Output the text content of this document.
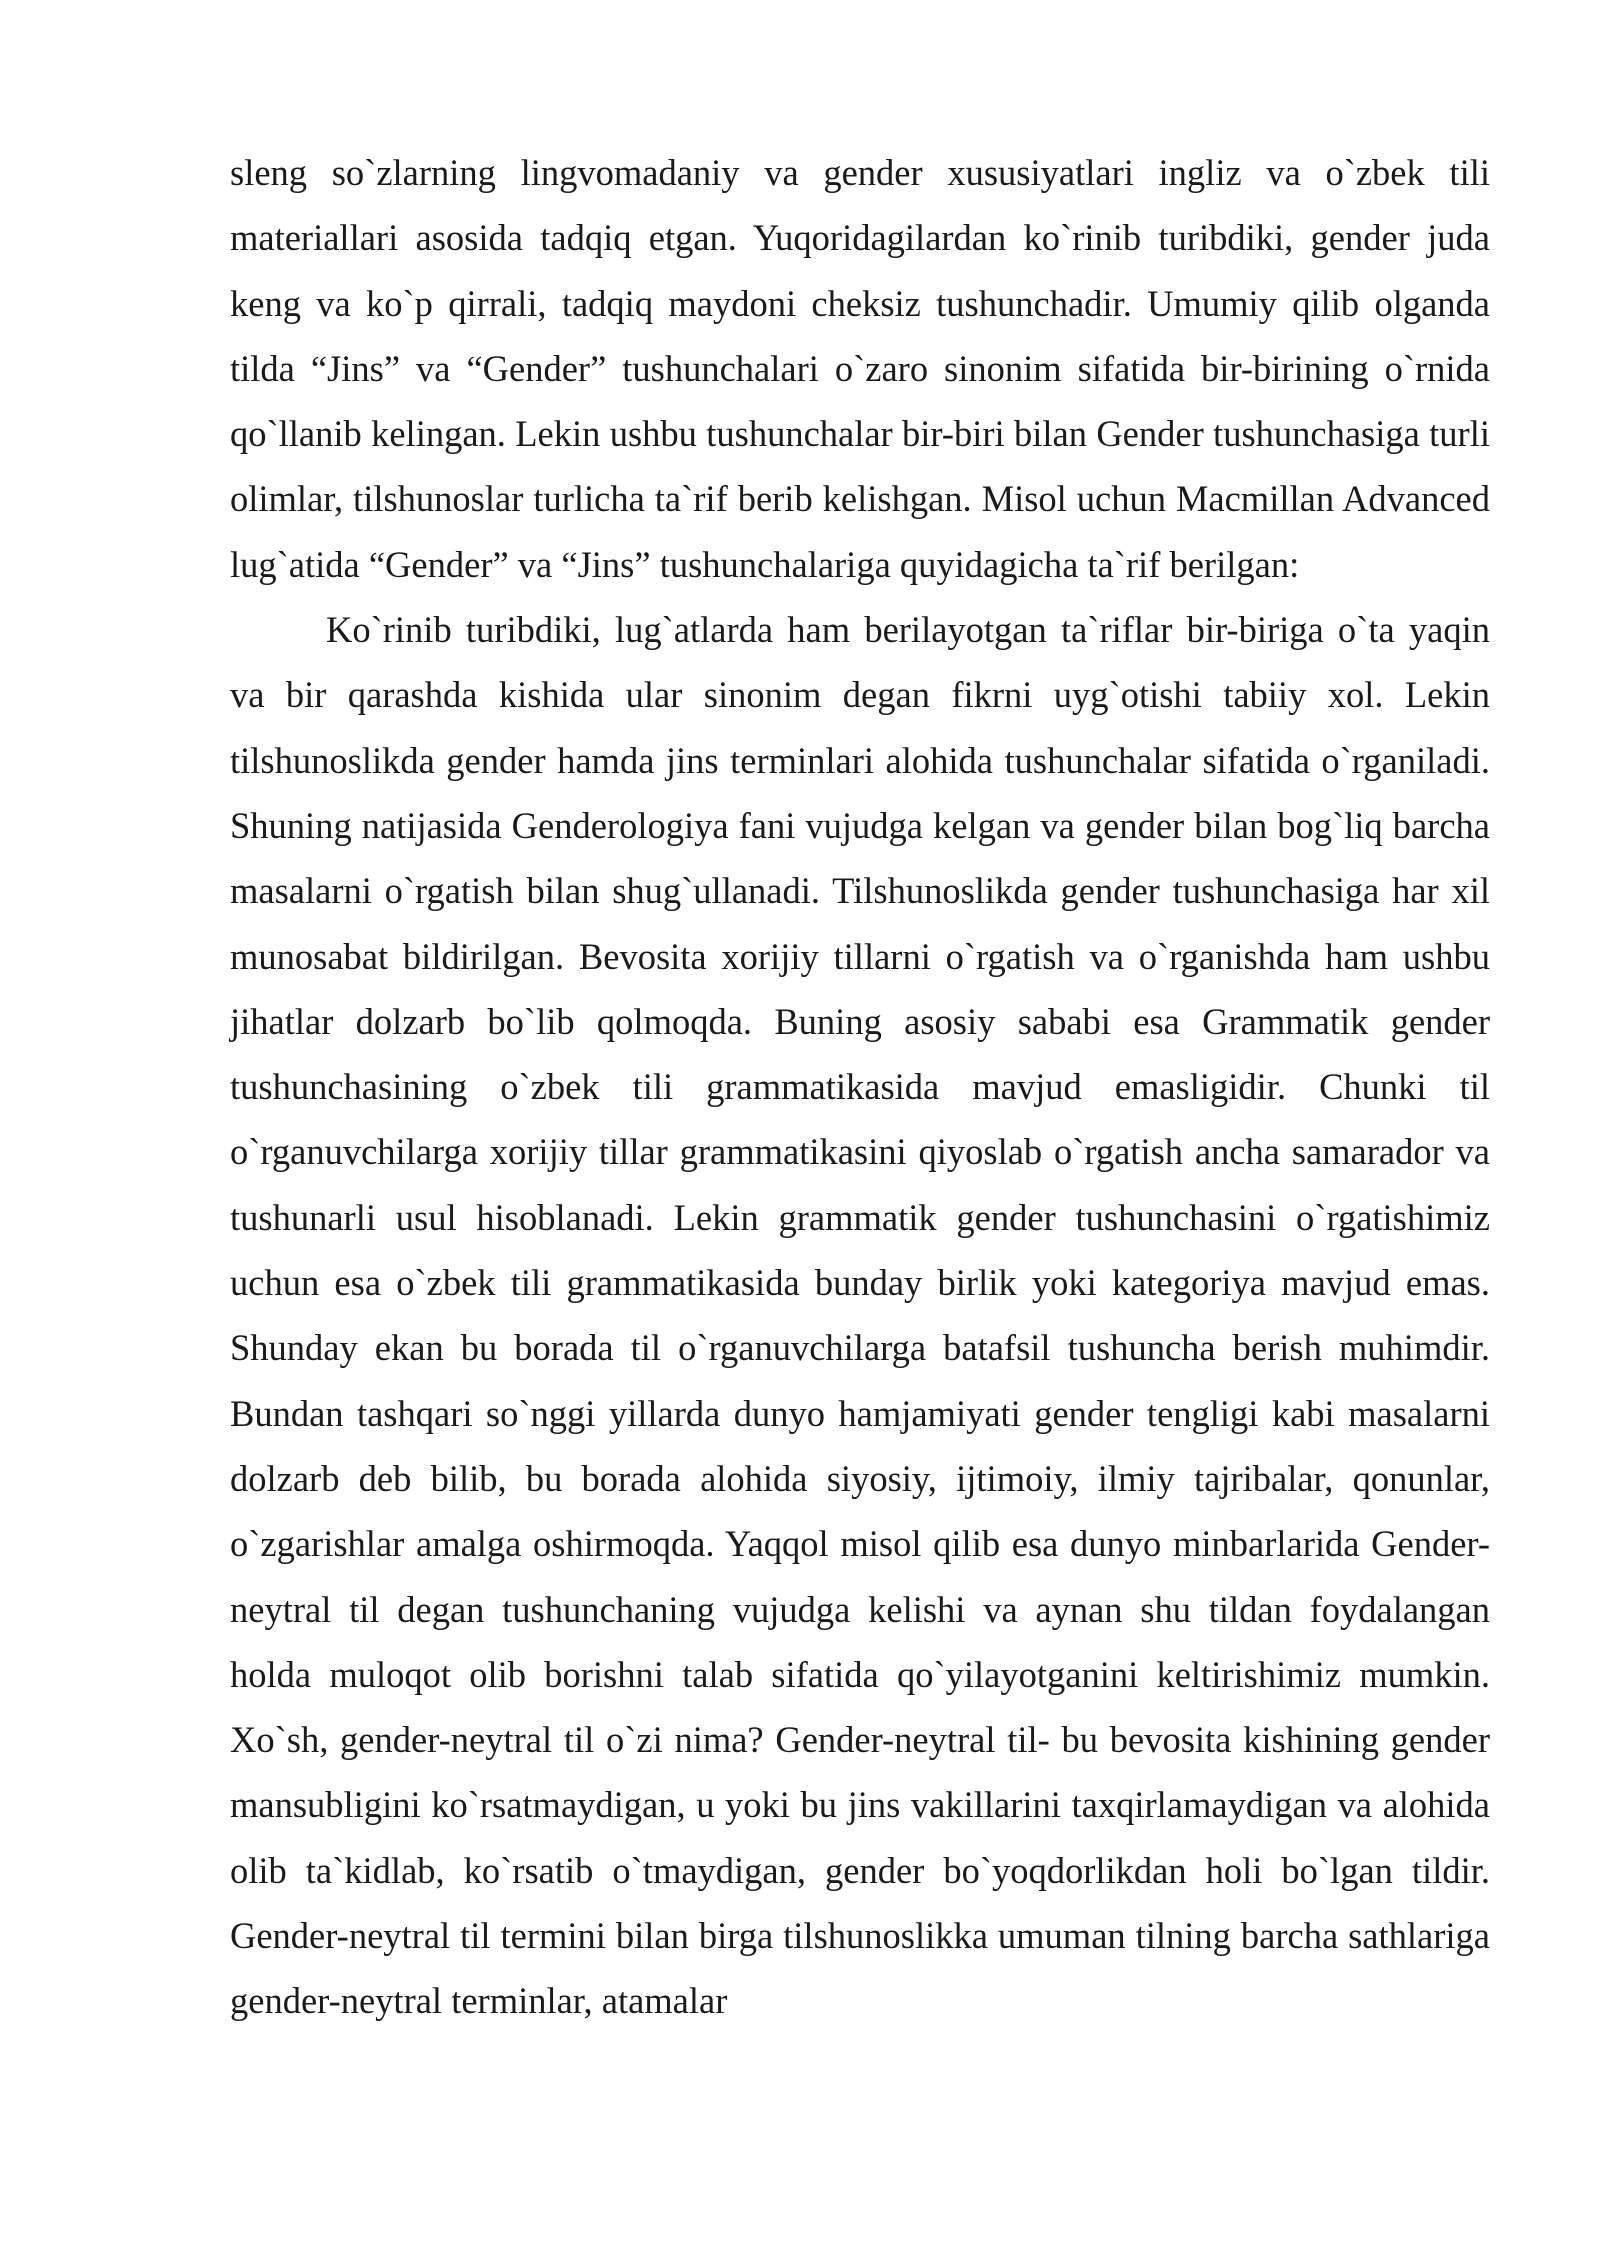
sleng so`zlarning lingvomadaniy va gender xususiyatlari ingliz va o`zbek tili materiallari asosida tadqiq etgan. Yuqoridagilardan ko`rinib turibdiki, gender juda keng va ko`p qirrali, tadqiq maydoni cheksiz tushunchadir. Umumiy qilib olganda tilda “Jins” va “Gender” tushunchalari o`zaro sinonim sifatida bir-birining o`rnida qo`llanib kelingan. Lekin ushbu tushunchalar bir-biri bilan Gender tushunchasiga turli olimlar, tilshunoslar turlicha ta`rif berib kelishgan. Misol uchun Macmillan Advanced lug`atida “Gender” va “Jins” tushunchalariga quyidagicha ta`rif berilgan:

Ko`rinib turibdiki, lug`atlarda ham berilayotgan ta`riflar bir-biriga o`ta yaqin va bir qarashda kishida ular sinonim degan fikrni uyg`otishi tabiiy xol. Lekin tilshunoslikda gender hamda jins terminlari alohida tushunchalar sifatida o`rganiladi. Shuning natijasida Genderologiya fani vujudga kelgan va gender bilan bog`liq barcha masalarni o`rgatish bilan shug`ullanadi. Tilshunoslikda gender tushunchasiga har xil munosabat bildirilgan. Bevosita xorijiy tillarni o`rgatish va o`rganishda ham ushbu jihatlar dolzarb bo`lib qolmoqda. Buning asosiy sababi esa Grammatik gender tushunchasining o`zbek tili grammatikasida mavjud emasligidir. Chunki til o`rganuvchilarga xorijiy tillar grammatikasini qiyoslab o`rgatish ancha samarador va tushunarli usul hisoblanadi. Lekin grammatik gender tushunchasini o`rgatishimiz uchun esa o`zbek tili grammatikasida bunday birlik yoki kategoriya mavjud emas. Shunday ekan bu borada til o`rganuvchilarga batafsil tushuncha berish muhimdir. Bundan tashqari so`nggi yillarda dunyo hamjamiyati gender tengligi kabi masalarni dolzarb deb bilib, bu borada alohida siyosiy, ijtimoiy, ilmiy tajribalar, qonunlar, o`zgarishlar amalga oshirmoqda. Yaqqol misol qilib esa dunyo minbarlarida Gender-neytral til degan tushunchaning vujudga kelishi va aynan shu tildan foydalangan holda muloqot olib borishni talab sifatida qo`yilayotganini keltirishimiz mumkin. Xo`sh, gender-neytral til o`zi nima? Gender-neytral til- bu bevosita kishining gender mansubligini ko`rsatmaydigan, u yoki bu jins vakillarini taxqirlamaydigan va alohida olib ta`kidlab, ko`rsatib o`tmaydigan, gender bo`yoqdorlikdan holi bo`lgan tildir. Gender-neytral til termini bilan birga tilshunoslikka umuman tilning barcha sathlariga gender-neytral terminlar, atamalar
